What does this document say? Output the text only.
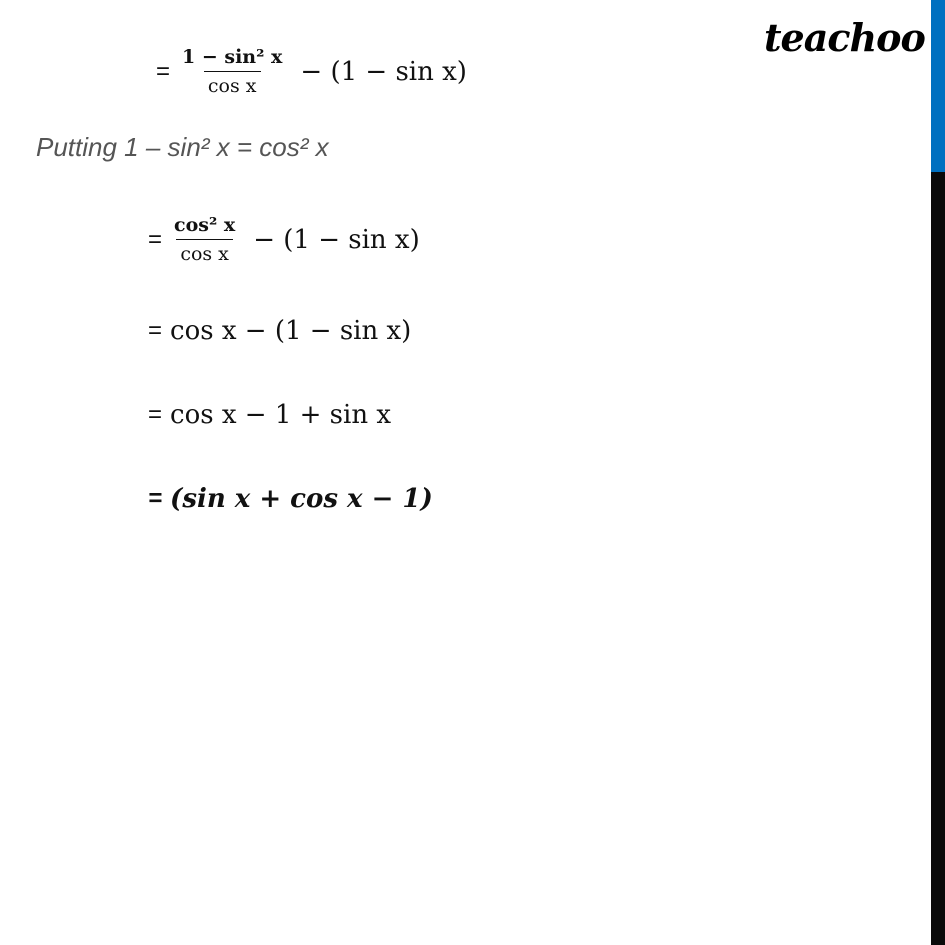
teachoo
= $\frac{\text{1 − sin² x}}{\text{cos x}} - (1 - \sin x)$
Putting 1 – sin² x = cos² x
= $\frac{\text{cos² x}}{\text{cos x}} - (1 - \sin x)$
= cos x − (1 − sin x)
= cos x − 1 + sin x
= (sin x + cos x − 1)
